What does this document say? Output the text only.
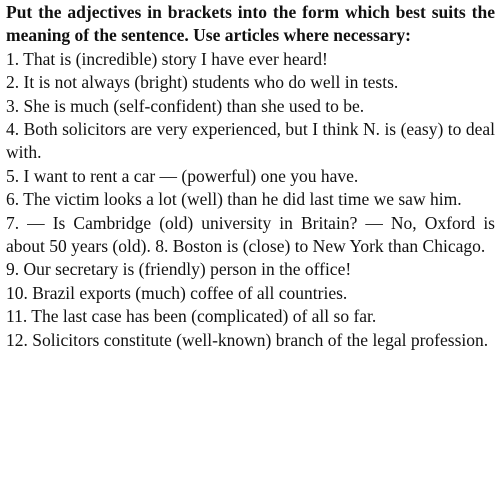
Put the adjectives in brackets into the form which best suits the meaning of the sentence. Use articles where necessary:

1. That is (incredible) story I have ever heard!

2. It is not always (bright) students who do well in tests.

3. She is much (self-confident) than she used to be.

4. Both solicitors are very experienced, but I think N. is (easy) to deal with.

5. I want to rent a car — (powerful) one you have.

6. The victim looks a lot (well) than he did last time we saw him.

7. — Is Cambridge (old) university in Britain? — No, Oxford is about 50 years (old). 8. Boston is (close) to New York than Chicago.

9. Our secretary is (friendly) person in the office!

10. Brazil exports (much) coffee of all countries.

11. The last case has been (complicated) of all so far.

12. Solicitors constitute (well-known) branch of the legal profession.
